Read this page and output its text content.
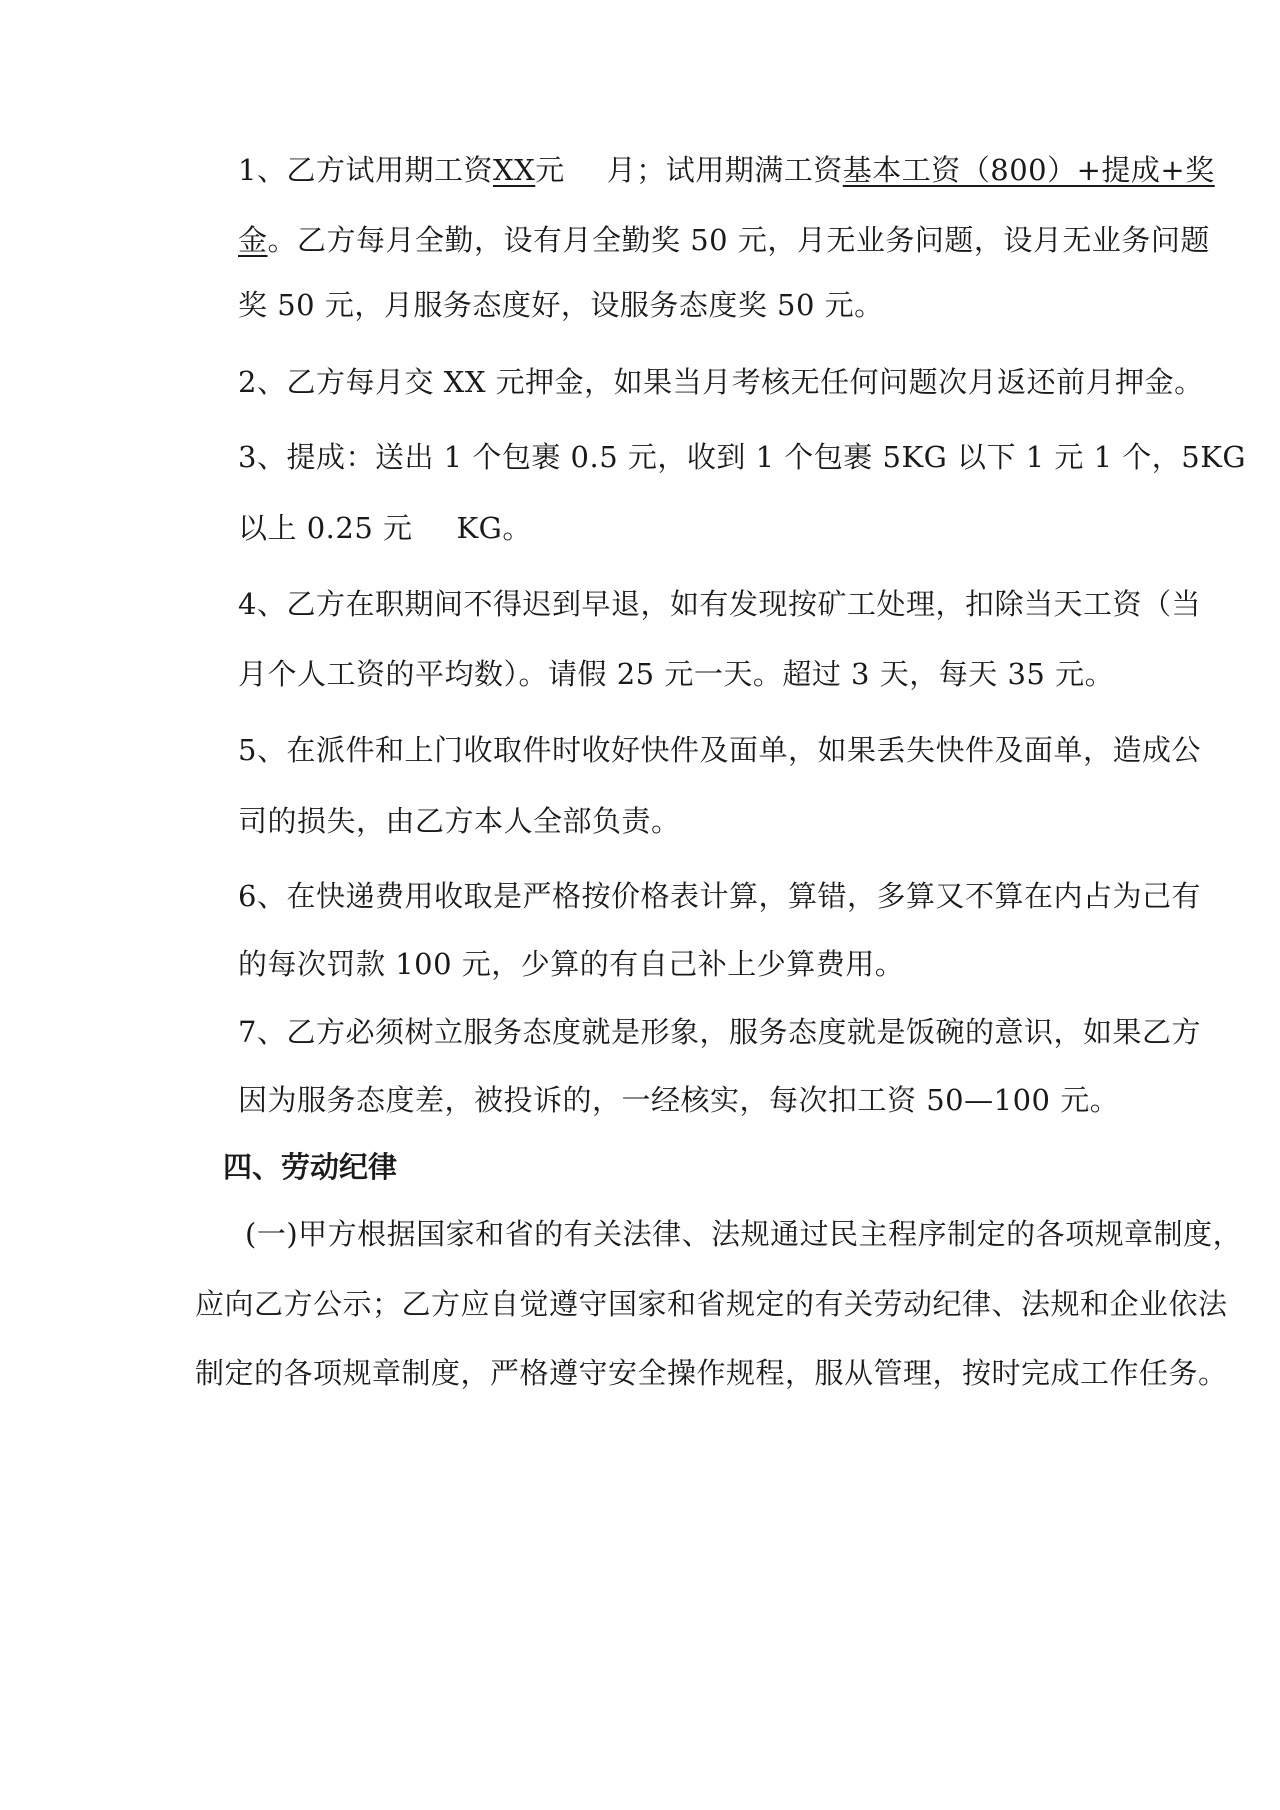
1、乙方试用期工资XX元 月；试用期满工资基本工资（800）+提成+奖
金。乙方每月全勤，设有月全勤奖 50 元，月无业务问题，设月无业务问题
奖 50 元，月服务态度好，设服务态度奖 50 元。
2、乙方每月交 XX 元押金，如果当月考核无任何问题次月返还前月押金。
3、提成：送出 1 个包裹 0.5 元，收到 1 个包裹 5KG 以下 1 元 1 个，5KG
以上 0.25 元 KG。
4、乙方在职期间不得迟到早退，如有发现按矿工处理，扣除当天工资（当
月个人工资的平均数）。请假 25 元一天。超过 3 天，每天 35 元。
5、在派件和上门收取件时收好快件及面单，如果丢失快件及面单，造成公
司的损失，由乙方本人全部负责。
6、在快递费用收取是严格按价格表计算，算错，多算又不算在内占为己有
的每次罚款 100 元，少算的有自己补上少算费用。
7、乙方必须树立服务态度就是形象，服务态度就是饭碗的意识，如果乙方
因为服务态度差，被投诉的，一经核实，每次扣工资 50—100 元。
四、劳动纪律
(一)甲方根据国家和省的有关法律、法规通过民主程序制定的各项规章制度，
应向乙方公示；乙方应自觉遵守国家和省规定的有关劳动纪律、法规和企业依法
制定的各项规章制度，严格遵守安全操作规程，服从管理，按时完成工作任务。
